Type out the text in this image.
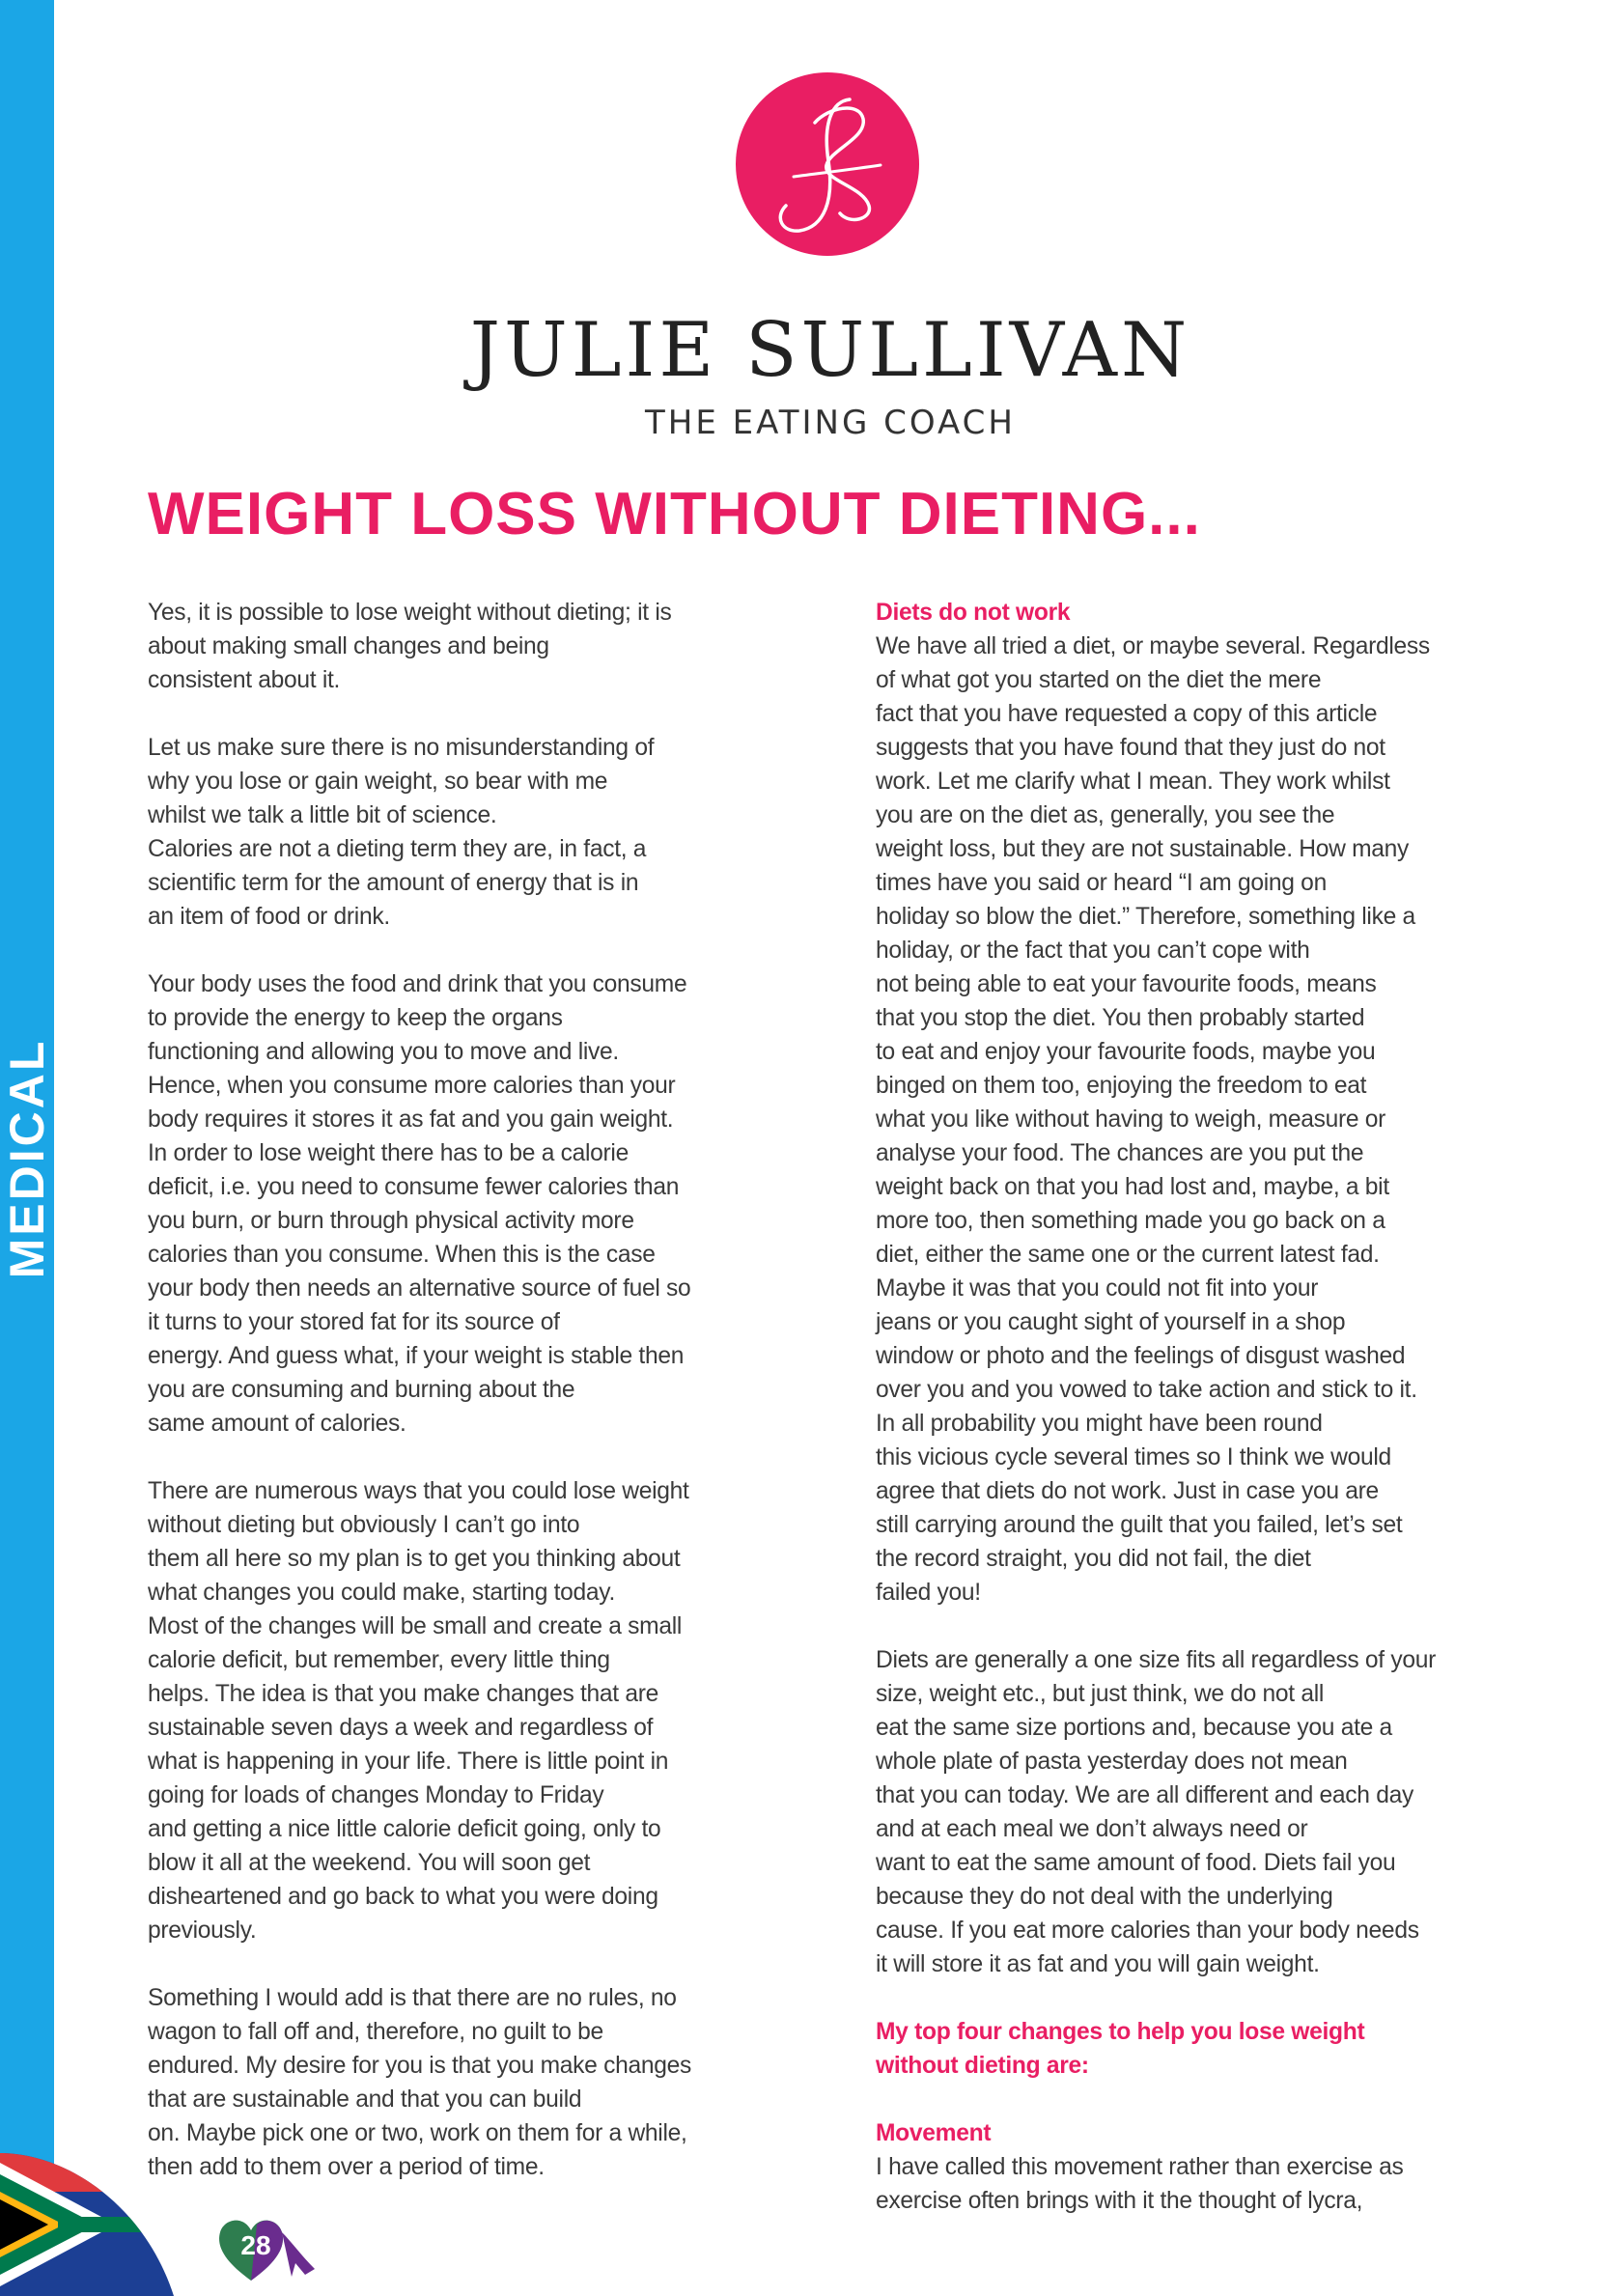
MEDICAL
JULIE SULLIVAN
THE EATING COACH
WEIGHT LOSS WITHOUT DIETING...

Yes, it is possible to lose weight without dieting; it is
about making small changes and being
consistent about it.

Let us make sure there is no misunderstanding of
why you lose or gain weight, so bear with me
whilst we talk a little bit of science.
Calories are not a dieting term they are, in fact, a
scientific term for the amount of energy that is in
an item of food or drink.

Your body uses the food and drink that you consume
to provide the energy to keep the organs
functioning and allowing you to move and live.
Hence, when you consume more calories than your
body requires it stores it as fat and you gain weight.
In order to lose weight there has to be a calorie
deficit, i.e. you need to consume fewer calories than
you burn, or burn through physical activity more
calories than you consume. When this is the case
your body then needs an alternative source of fuel so
it turns to your stored fat for its source of
energy. And guess what, if your weight is stable then
you are consuming and burning about the
same amount of calories.

There are numerous ways that you could lose weight
without dieting but obviously I can’t go into
them all here so my plan is to get you thinking about
what changes you could make, starting today.
Most of the changes will be small and create a small
calorie deficit, but remember, every little thing
helps. The idea is that you make changes that are
sustainable seven days a week and regardless of
what is happening in your life. There is little point in
going for loads of changes Monday to Friday
and getting a nice little calorie deficit going, only to
blow it all at the weekend. You will soon get
disheartened and go back to what you were doing
previously.

Something I would add is that there are no rules, no
wagon to fall off and, therefore, no guilt to be
endured. My desire for you is that you make changes
that are sustainable and that you can build
on. Maybe pick one or two, work on them for a while,
then add to them over a period of time.

Diets do not work

We have all tried a diet, or maybe several. Regardless
of what got you started on the diet the mere
fact that you have requested a copy of this article
suggests that you have found that they just do not
work. Let me clarify what I mean. They work whilst
you are on the diet as, generally, you see the
weight loss, but they are not sustainable. How many
times have you said or heard “I am going on
holiday so blow the diet.” Therefore, something like a
holiday, or the fact that you can’t cope with
not being able to eat your favourite foods, means
that you stop the diet. You then probably started
to eat and enjoy your favourite foods, maybe you
binged on them too, enjoying the freedom to eat
what you like without having to weigh, measure or
analyse your food. The chances are you put the
weight back on that you had lost and, maybe, a bit
more too, then something made you go back on a
diet, either the same one or the current latest fad.
Maybe it was that you could not fit into your
jeans or you caught sight of yourself in a shop
window or photo and the feelings of disgust washed
over you and you vowed to take action and stick to it.
In all probability you might have been round
this vicious cycle several times so I think we would
agree that diets do not work. Just in case you are
still carrying around the guilt that you failed, let’s set
the record straight, you did not fail, the diet
failed you!

Diets are generally a one size fits all regardless of your
size, weight etc., but just think, we do not all
eat the same size portions and, because you ate a
whole plate of pasta yesterday does not mean
that you can today. We are all different and each day
and at each meal we don’t always need or
want to eat the same amount of food. Diets fail you
because they do not deal with the underlying
cause. If you eat more calories than your body needs
it will store it as fat and you will gain weight.

My top four changes to help you lose weight
without dieting are:
Movement

I have called this movement rather than exercise as
exercise often brings with it the thought of lycra,

28
